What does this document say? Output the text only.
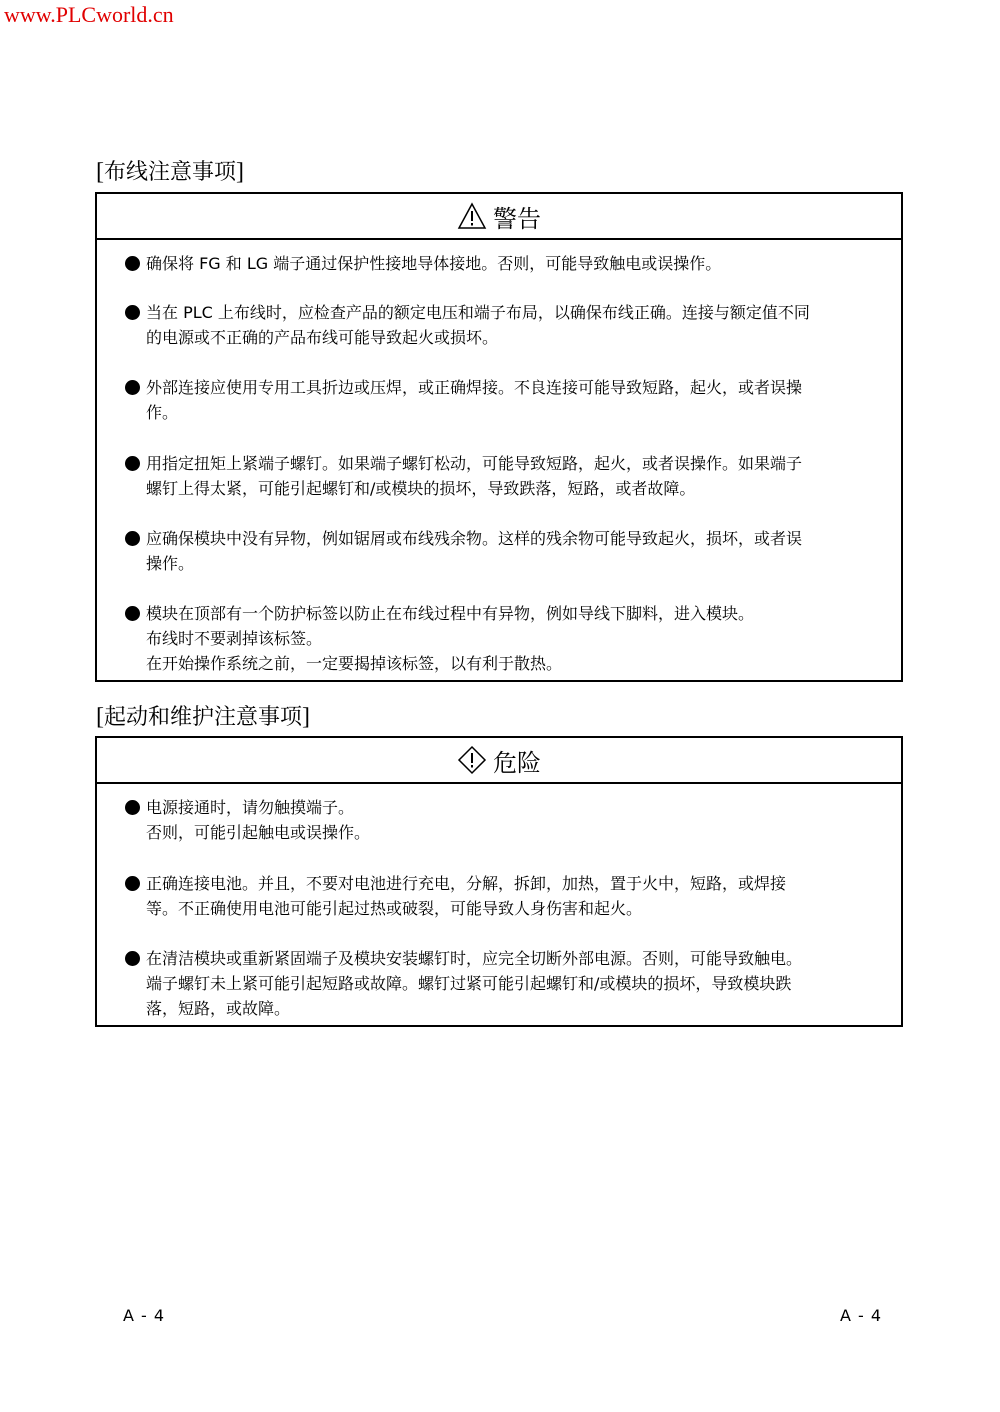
www.PLCworld.cn
[布线注意事项]
警告
确保将 FG 和 LG 端子通过保护性接地导体接地。否则，可能导致触电或误操作。
当在 PLC 上布线时，应检查产品的额定电压和端子布局，以确保布线正确。连接与额定值不同
的电源或不正确的产品布线可能导致起火或损坏。
外部连接应使用专用工具折边或压焊，或正确焊接。不良连接可能导致短路，起火，或者误操
作。
用指定扭矩上紧端子螺钉。如果端子螺钉松动，可能导致短路，起火，或者误操作。如果端子
螺钉上得太紧，可能引起螺钉和/或模块的损坏，导致跌落，短路，或者故障。
应确保模块中没有异物，例如锯屑或布线残余物。这样的残余物可能导致起火，损坏，或者误
操作。
模块在顶部有一个防护标签以防止在布线过程中有异物，例如导线下脚料，进入模块。
布线时不要剥掉该标签。
在开始操作系统之前，一定要揭掉该标签，以有利于散热。
[起动和维护注意事项]
危险
电源接通时，请勿触摸端子。
否则，可能引起触电或误操作。
正确连接电池。并且，不要对电池进行充电，分解，拆卸，加热，置于火中，短路，或焊接
等。不正确使用电池可能引起过热或破裂，可能导致人身伤害和起火。
在清洁模块或重新紧固端子及模块安装螺钉时，应完全切断外部电源。否则，可能导致触电。
端子螺钉未上紧可能引起短路或故障。螺钉过紧可能引起螺钉和/或模块的损坏，导致模块跌
落，短路，或故障。
A - 4	A - 4
